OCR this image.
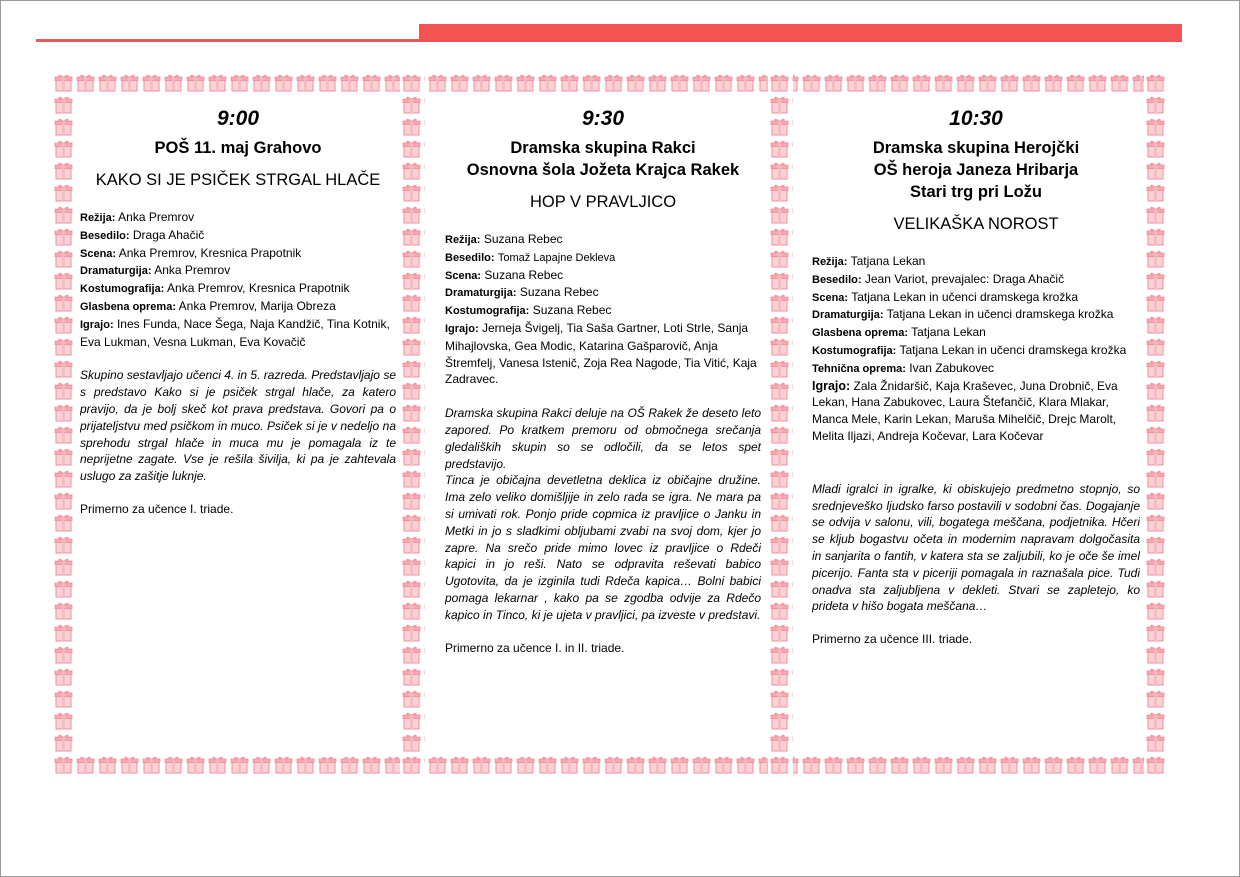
9:00
POŠ 11. maj Grahovo
KAKO SI JE PSIČEK STRGAL HLAČE
Režija: Anka Premrov
Besedilo: Draga Ahačič
Scena: Anka Premrov, Kresnica Prapotnik
Dramaturgija: Anka Premrov
Kostumografija: Anka Premrov, Kresnica Prapotnik
Glasbena oprema: Anka Premrov, Marija Obreza
Igrajo: Ines Funda, Nace Šega, Naja Kandžič, Tina Kotnik, Eva Lukman, Vesna Lukman, Eva Kovačič

Skupino sestavljajo učenci 4. in 5. razreda. Predstavljajo se s predstavo Kako si je psiček strgal hlače, za katero pravijo, da je bolj skeč kot prava predstava. Govori pa o prijateljstvu med psičkom in muco. Psiček si je v nedeljo na sprehodu strgal hlače in muca mu je pomagala iz te neprijetne zagate. Vse je rešila šivilja, ki pa je zahtevala uslugo za zašitje luknje.

Primerno za učence I. triade.
9:30
Dramska skupina Rakci
Osnovna šola Jožeta Krajca Rakek
HOP V PRAVLJICO
Režija: Suzana Rebec
Besedilo: Tomaž Lapajne Dekleva
Scena: Suzana Rebec
Dramaturgija: Suzana Rebec
Kostumografija: Suzana Rebec
Igrajo: Jerneja Švigelj, Tia Saša Gartner, Loti Strle, Sanja Mihajlovska, Gea Modic, Katarina Gašparovič, Anja Štremfelj, Vanesa Istenič, Zoja Rea Nagode, Tia Vitić, Kaja Zadravec.

Dramska skupina Rakci deluje na OŠ Rakek že deseto leto zapored. Po kratkem premoru od območnega srečanja gledaliških skupin so se odločili, da se letos spet predstavijo.

Tinca je običajna devetletna deklica iz običajne družine. Ima zelo veliko domišljije in zelo rada se igra. Ne mara pa si umivati rok. Ponjo pride copmica iz pravljice o Janku in Metki in jo s sladkimi obljubami zvabi na svoj dom, kjer jo zapre. Na srečo pride mimo lovec iz pravljice o Rdeči kapici in jo reši. Nato se odpravita reševati babico Ugotovita, da je izginila tudi Rdeča kapica… Bolni babici pomaga lekarnar , kako pa se zgodba odvije za Rdečo kapico in Tinco, ki je ujeta v pravljici, pa izveste v predstavi.

Primerno za učence I. in II. triade.
10:30
Dramska skupina Herojčki
OŠ heroja Janeza Hribarja
Stari trg pri Ložu
VELIKAŠKA NOROST
Režija: Tatjana Lekan
Besedilo: Jean Variot, prevajalec: Draga Ahačič
Scena: Tatjana Lekan in učenci dramskega krožka
Dramaturgija: Tatjana Lekan in učenci dramskega krožka
Glasbena oprema: Tatjana Lekan
Kostumografija: Tatjana Lekan in učenci dramskega krožka
Tehnična oprema: Ivan Zabukovec
Igrajo: Zala Žnidaršič, Kaja Kraševec, Juna Drobnič, Eva Lekan, Hana Zabukovec, Laura Štefančič, Klara Mlakar, Manca Mele, Karin Lekan, Maruša Mihelčič, Drejc Marolt, Melita Iljazi, Andreja Kočevar, Lara Kočevar

Mladi igralci in igralke, ki obiskujejo predmetno stopnjo, so srednjeveško ljudsko farso postavili v sodobni čas. Dogajanje se odvija v salonu, vili, bogatega meščana, podjetnika. Hčeri se kljub bogastvu očeta in modernim napravam dolgočasita in sanjarita o fantih, v katera sta se zaljubili, ko je oče še imel picerijo. Fanta sta v piceriji pomagala in raznašala pice. Tudi onadva sta zaljubljena v dekleti. Stvari se zapletejo, ko prideta v hišo bogata meščana…

Primerno za učence III. triade.
